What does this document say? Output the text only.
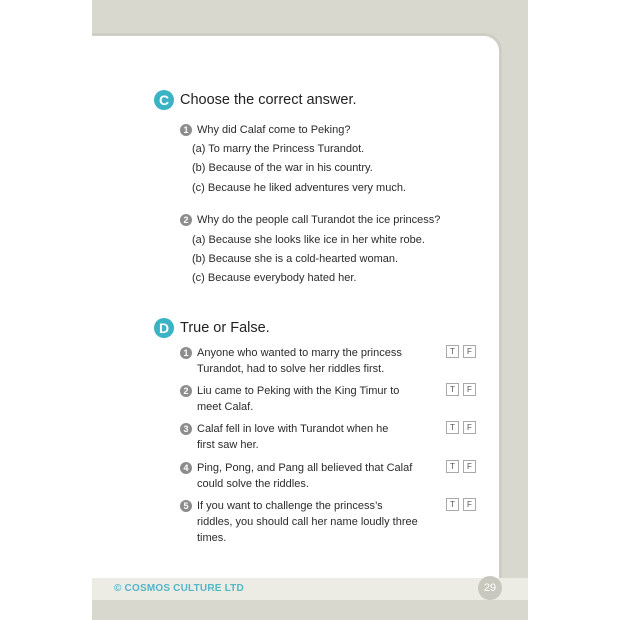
C Choose the correct answer.
1 Why did Calaf come to Peking?
(a) To marry the Princess Turandot.
(b) Because of the war in his country.
(c) Because he liked adventures very much.
2 Why do the people call Turandot the ice princess?
(a) Because she looks like ice in her white robe.
(b) Because she is a cold-hearted woman.
(c) Because everybody hated her.
D True or False.
1 Anyone who wanted to marry the princess
Turandot, had to solve her riddles first.
T	F
2 Liu came to Peking with the King Timur to
meet Calaf.
T	F
3 Calaf fell in love with Turandot when he
first saw her.
T	F
4 Ping, Pong, and Pang all believed that Calaf
could solve the riddles.
T	F
5 If you want to challenge the princess’s
riddles, you should call her name loudly three
times.
T	F
© COSMOS CULTURE LTD	29
